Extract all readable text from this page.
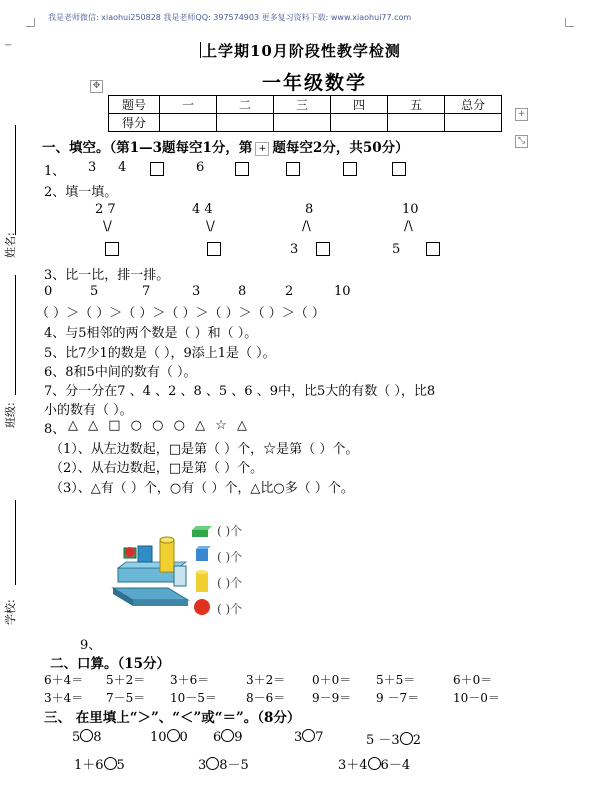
我是老师微信: xiaohui250828 我是老师QQ: 397574903 更多复习资料下载: www.xiaohui77.com
−	上学期10月阶段性教学检测
一年级数学
✥
+
⤡
题号	一	二	三	四	五	总分
得分						
姓名:
班级:
学校:
一、填空。（第1—3题每空1分，第 + 题每空2分，共50分）
1、 3 4	6
2、填一填。
2 7
\/
4 4
\/
8
/\
3
10
/\
5
3、比一比，排一排。
0	5	7	3	8	2	10
（ ）＞（ ）＞（ ）＞（ ）＞（ ）＞（ ）＞（ ）
4、与5相邻的两个数是（ ）和（ ）。
5、比7少1的数是（ ），9添上1是（ ）。
6、8和5中间的数有（ ）。
7、分一分在7 、4 、2 、8 、5 、6 、9中，比5大的有数（ ），比8
小的数有（ ）。
8、 △ △ □ ○ ○ ○ △ ☆ △
（1）、从左边数起，□是第（ ）个，☆是第（ ）个。
（2）、从右边数起，□是第（ ）个。
（3）、△有（ ）个，○有（ ）个，△比○多（ ）个。
( )个
( )个
( )个
( )个
9、
二、口算。（15分）
6＋4＝ 5＋2＝ 3＋6＝	3＋2＝ 0＋0＝ 5＋5＝	6＋0＝
3＋4＝ 7－5＝ 10－5＝ 8－6＝ 9－9＝ 9 －7＝	10－0＝
三、 在里填上“＞”、“＜”或“＝”。（8分）
5 8	10 0 6 9	3 7	5 －3 2
1＋6 5	3 8－5	3＋4 6－4
